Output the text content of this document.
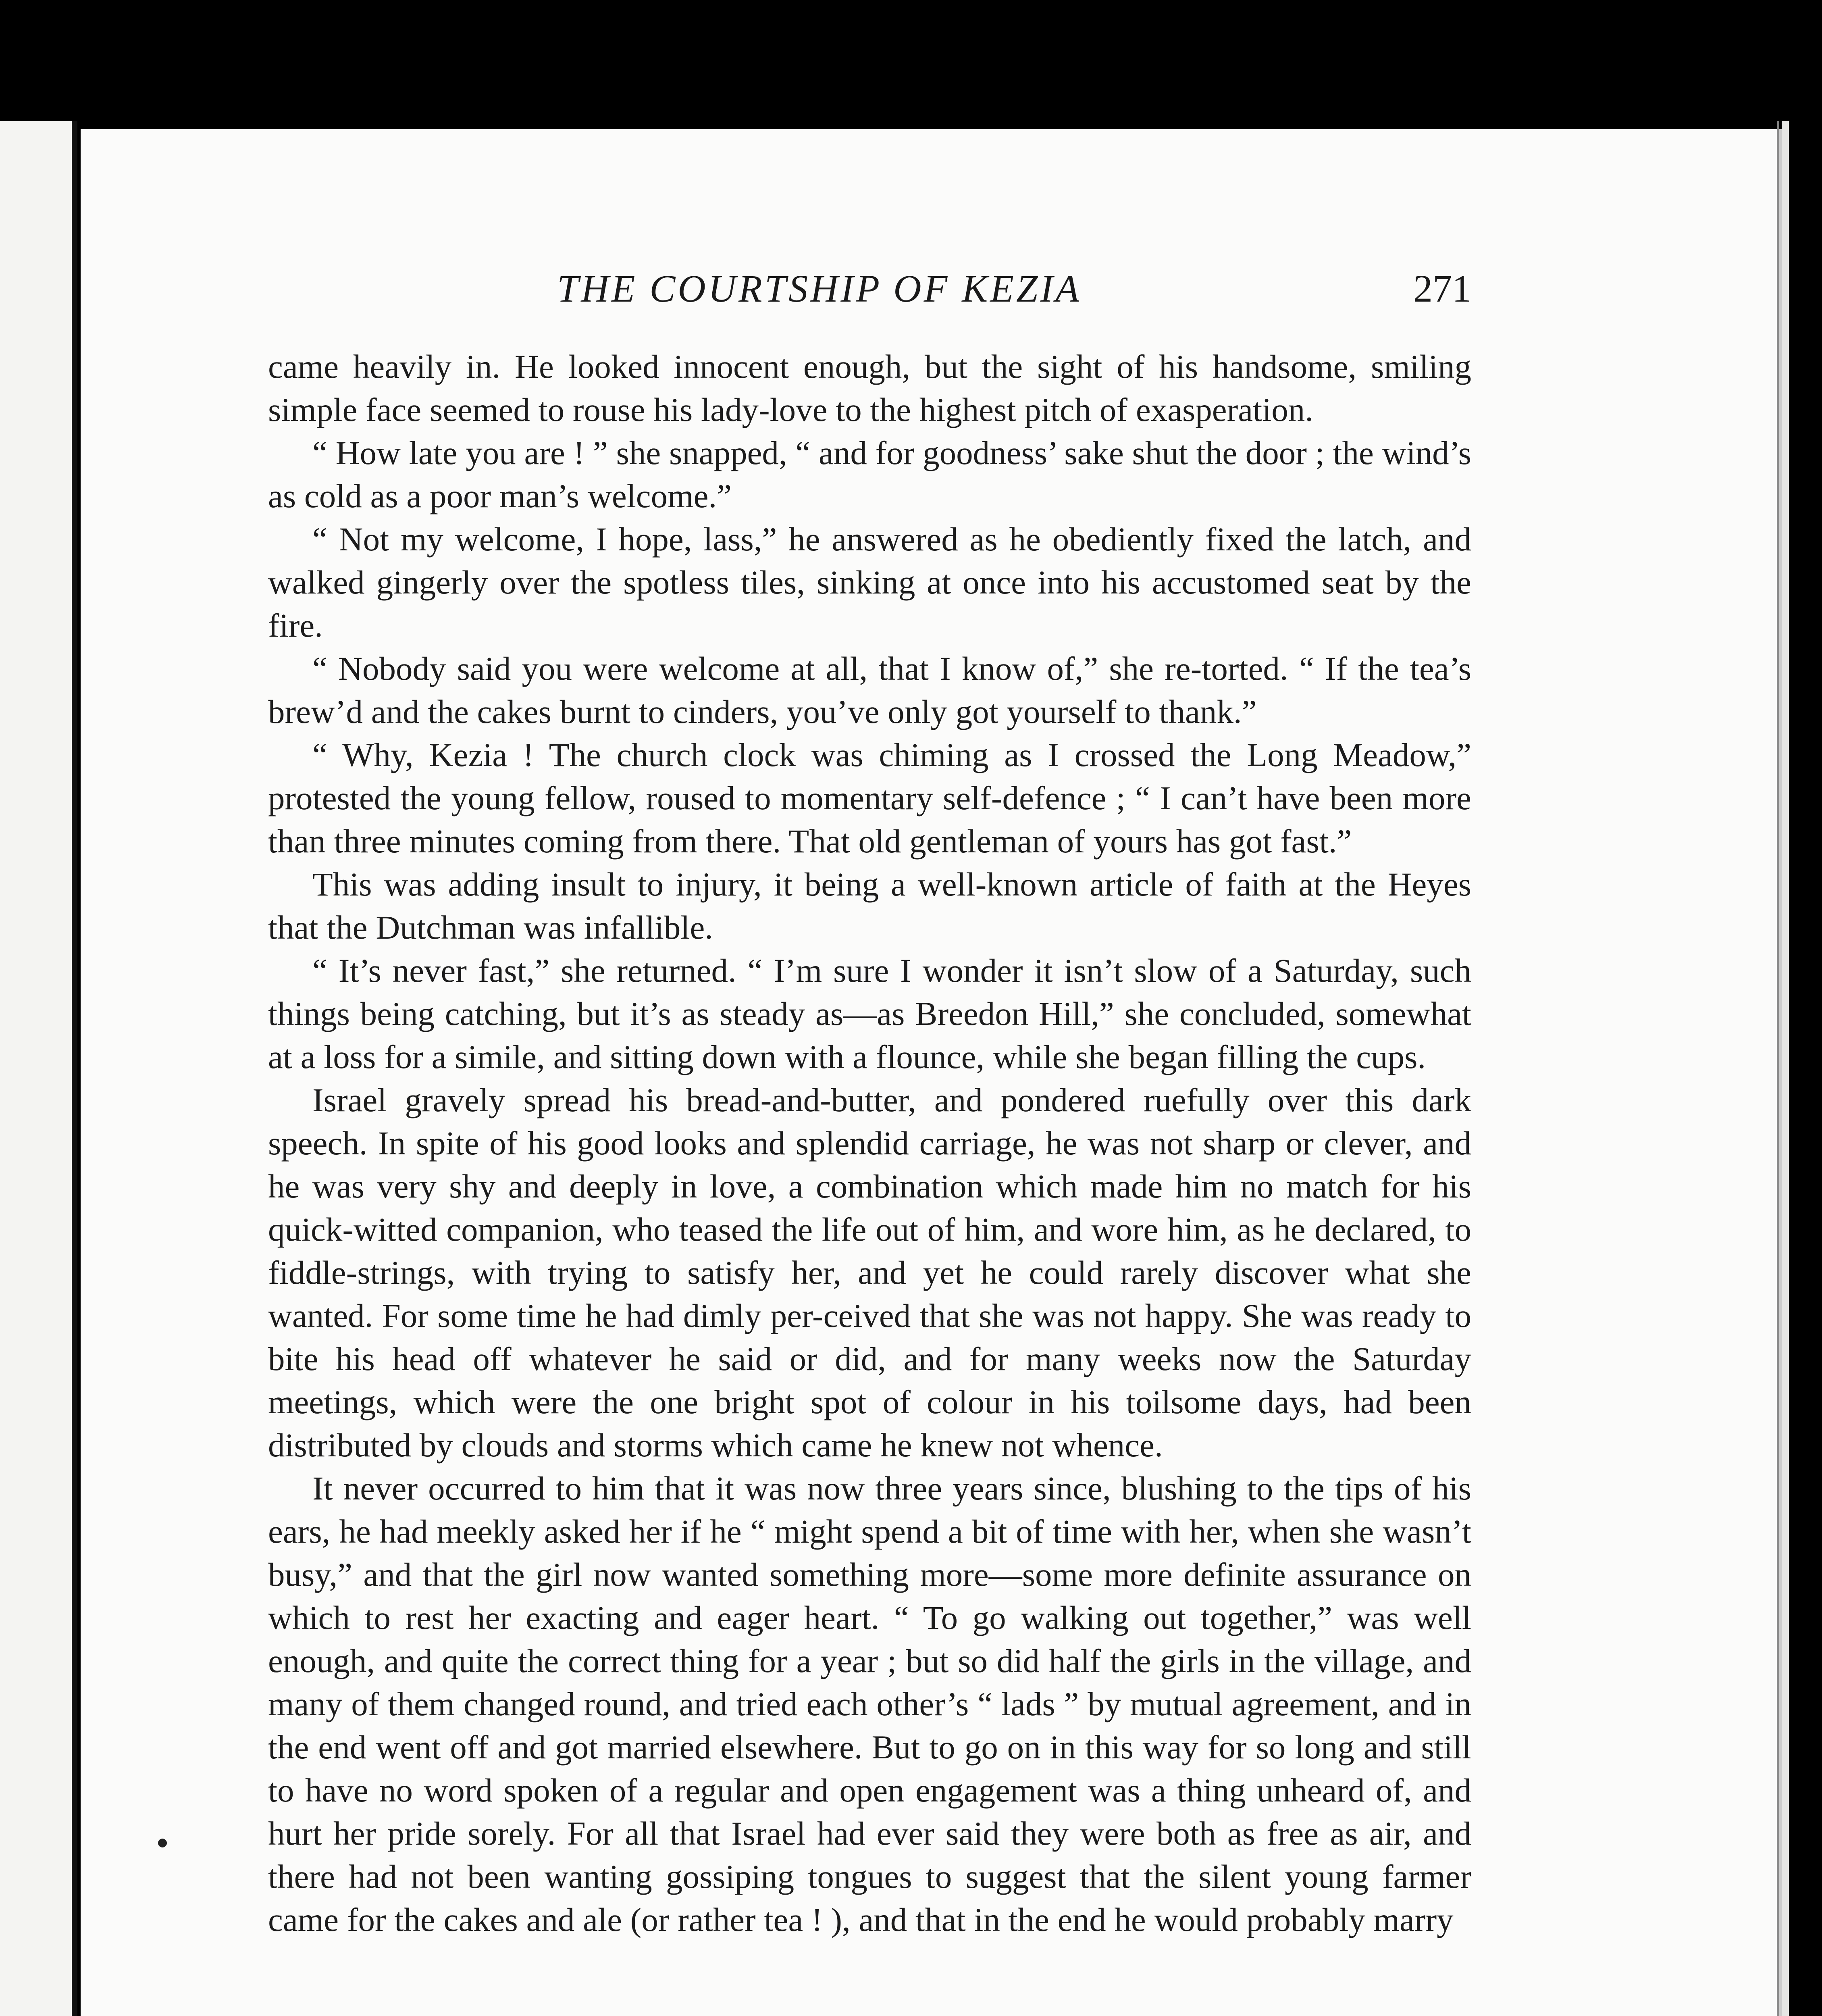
THE COURTSHIP OF KEZIA	271

came heavily in. He looked innocent enough, but the sight of his handsome, smiling simple face seemed to rouse his lady-love to the highest pitch of exasperation.

“ How late you are ! ” she snapped, “ and for goodness’ sake shut the door ; the wind’s as cold as a poor man’s welcome.”

“ Not my welcome, I hope, lass,” he answered as he obediently fixed the latch, and walked gingerly over the spotless tiles, sinking at once into his accustomed seat by the fire.

“ Nobody said you were welcome at all, that I know of,” she re-torted. “ If the tea’s brew’d and the cakes burnt to cinders, you’ve only got yourself to thank.”

“ Why, Kezia ! The church clock was chiming as I crossed the Long Meadow,” protested the young fellow, roused to momentary self-defence ; “ I can’t have been more than three minutes coming from there. That old gentleman of yours has got fast.”

This was adding insult to injury, it being a well-known article of faith at the Heyes that the Dutchman was infallible.

“ It’s never fast,” she returned. “ I’m sure I wonder it isn’t slow of a Saturday, such things being catching, but it’s as steady as—as Breedon Hill,” she concluded, somewhat at a loss for a simile, and sitting down with a flounce, while she began filling the cups.

Israel gravely spread his bread-and-butter, and pondered ruefully over this dark speech. In spite of his good looks and splendid carriage, he was not sharp or clever, and he was very shy and deeply in love, a combination which made him no match for his quick-witted companion, who teased the life out of him, and wore him, as he declared, to fiddle-strings, with trying to satisfy her, and yet he could rarely discover what she wanted. For some time he had dimly per-ceived that she was not happy. She was ready to bite his head off whatever he said or did, and for many weeks now the Saturday meetings, which were the one bright spot of colour in his toilsome days, had been distributed by clouds and storms which came he knew not whence.

It never occurred to him that it was now three years since, blushing to the tips of his ears, he had meekly asked her if he “ might spend a bit of time with her, when she wasn’t busy,” and that the girl now wanted something more—some more definite assurance on which to rest her exacting and eager heart. “ To go walking out together,” was well enough, and quite the correct thing for a year ; but so did half the girls in the village, and many of them changed round, and tried each other’s “ lads ” by mutual agreement, and in the end went off and got married elsewhere. But to go on in this way for so long and still to have no word spoken of a regular and open engagement was a thing unheard of, and hurt her pride sorely. For all that Israel had ever said they were both as free as air, and there had not been wanting gossiping tongues to suggest that the silent young farmer came for the cakes and ale (or rather tea ! ), and that in the end he would probably marry
